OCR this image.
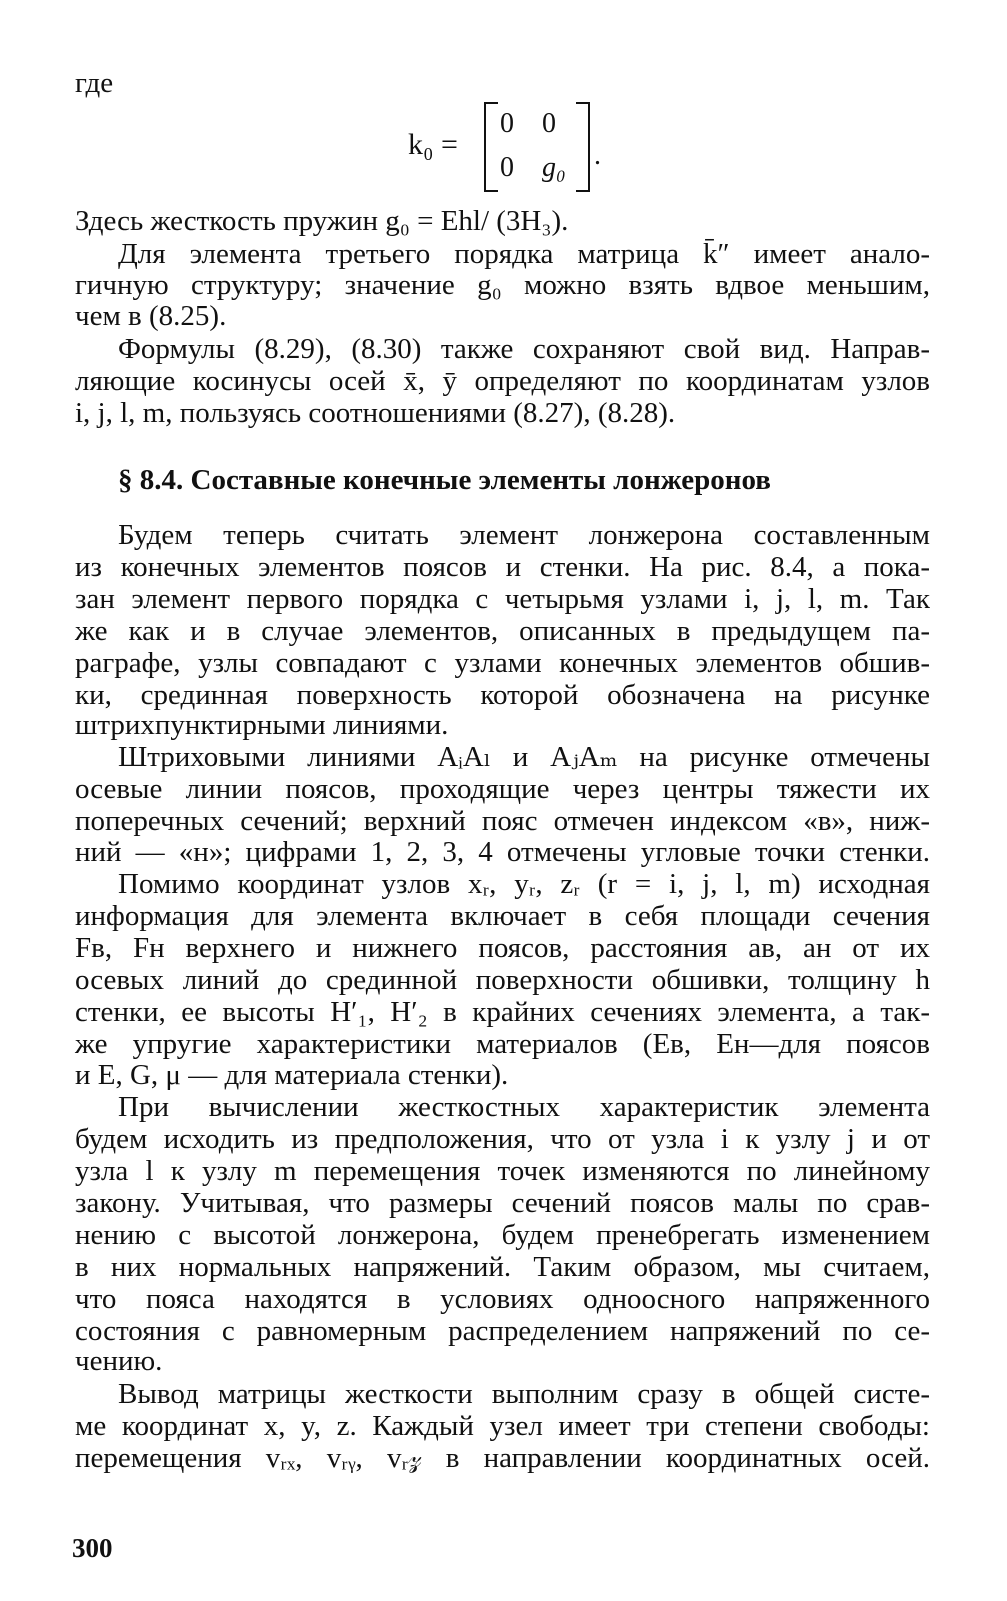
где
k₀ =
0 0
0 g₀ .
Здесь жесткость пружин g₀ = Ehl/ (3H₃).
Для элемента третьего порядка матрица k̄″ имеет анало-
гичную структуру; значение g₀ можно взять вдвое меньшим,
чем в (8.25).
Формулы (8.29), (8.30) также сохраняют свой вид. Направ-
ляющие косинусы осей x̄, ȳ определяют по координатам узлов
i, j, l, m, пользуясь соотношениями (8.27), (8.28).
§ 8.4. Составные конечные элементы лонжеронов
Будем теперь считать элемент лонжерона составленным
из конечных элементов поясов и стенки. На рис. 8.4, а пока-
зан элемент первого порядка с четырьмя узлами i, j, l, m. Так
же как и в случае элементов, описанных в предыдущем па-
раграфе, узлы совпадают с узлами конечных элементов обшив-
ки, срединная поверхность которой обозначена на рисунке
штрихпунктирными линиями.
Штриховыми линиями AᵢAₗ и AⱼAₘ на рисунке отмечены
осевые линии поясов, проходящие через центры тяжести их
поперечных сечений; верхний пояс отмечен индексом «в», ниж-
ний — «н»; цифрами 1, 2, 3, 4 отмечены угловые точки стенки.
Помимо координат узлов xᵣ, yᵣ, zᵣ (r = i, j, l, m) исходная
информация для элемента включает в себя площади сечения
Fв, Fн верхнего и нижнего поясов, расстояния aв, aн от их
осевых линий до срединной поверхности обшивки, толщину h
стенки, ее высоты H′₁, H′₂ в крайних сечениях элемента, а так-
же упругие характеристики материалов (Eв, Eн—для поясов
и E, G, μ — для материала стенки).
При вычислении жесткостных характеристик элемента
будем исходить из предположения, что от узла i к узлу j и от
узла l к узлу m перемещения точек изменяются по линейному
закону. Учитывая, что размеры сечений поясов малы по срав-
нению с высотой лонжерона, будем пренебрегать изменением
в них нормальных напряжений. Таким образом, мы считаем,
что пояса находятся в условиях одноосного напряженного
состояния с равномерным распределением напряжений по се-
чению.
Вывод матрицы жесткости выполним сразу в общей систе-
ме координат x, y, z. Каждый узел имеет три степени свободы:
перемещения vᵣₓ, vᵣᵧ, vᵣ𝓏 в направлении координатных осей.
300
